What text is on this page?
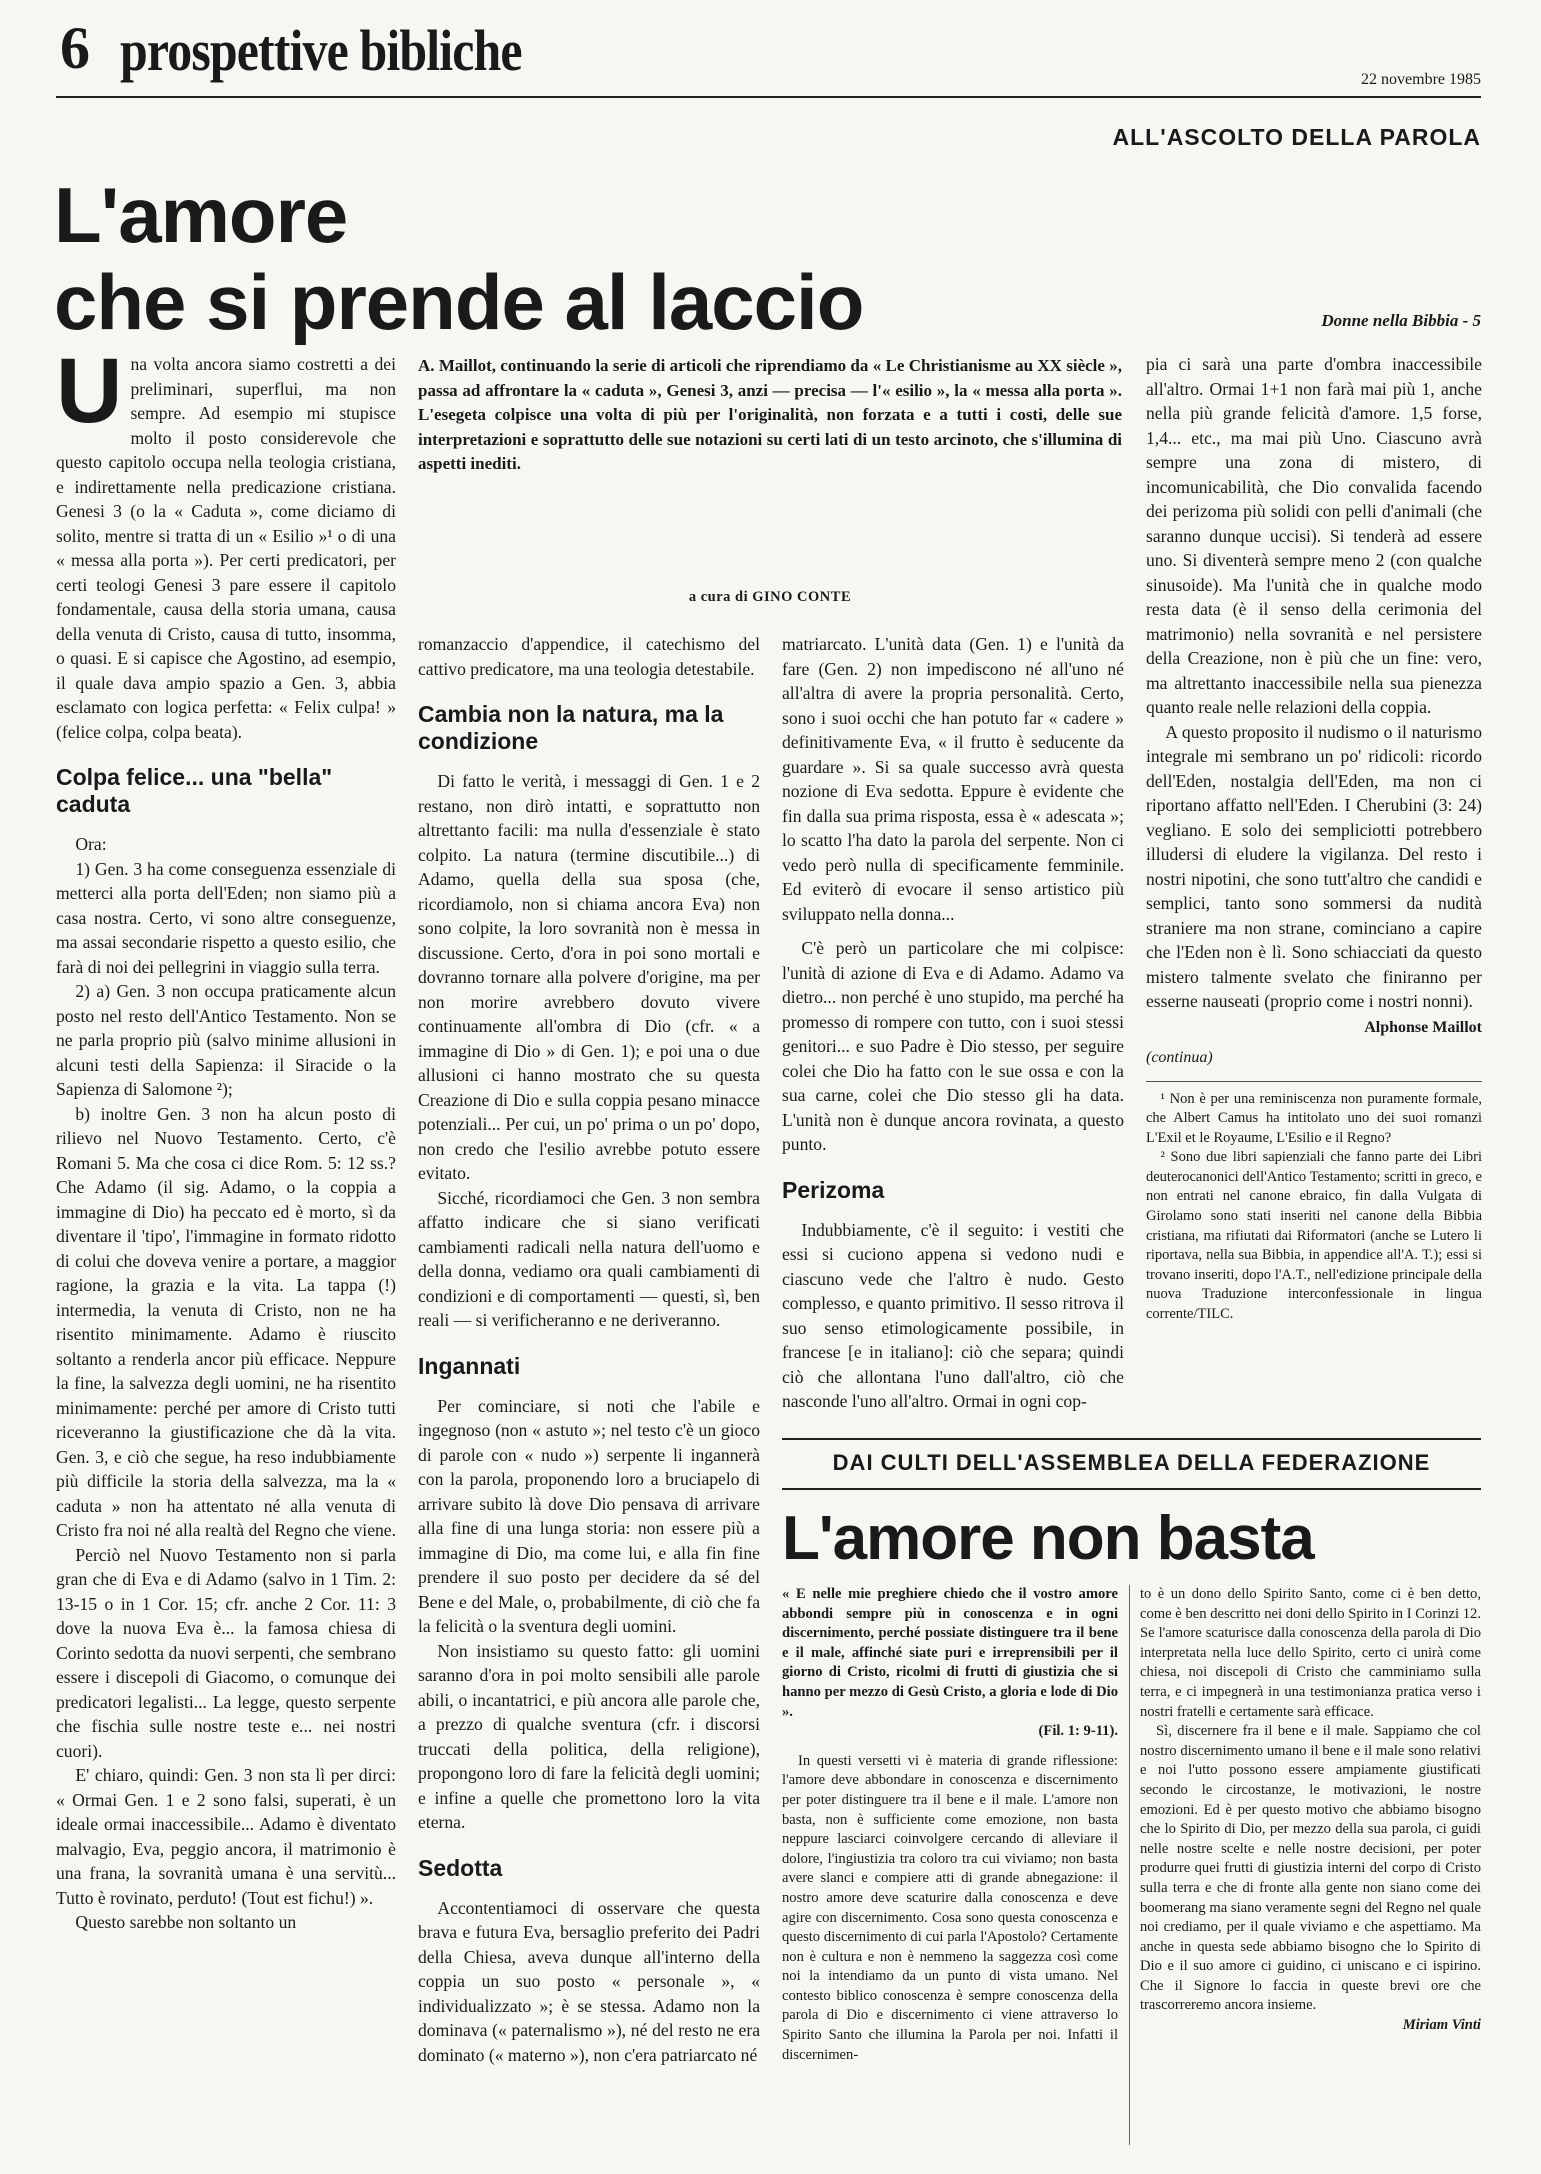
6 prospettive bibliche	22 novembre 1985
ALL'ASCOLTO DELLA PAROLA
L'amore
che si prende al laccio	Donne nella Bibbia - 5
A. Maillot, continuando la serie di articoli che riprendiamo da « Le Christianisme au XX siècle », passa ad affrontare la « caduta », Genesi 3, anzi — precisa — l'« esilio », la « messa alla porta ». L'esegeta colpisce una volta di più per l'originalità, non forzata e a tutti i costi, delle sue interpretazioni e soprattutto delle sue notazioni su certi lati di un testo arcinoto, che s'illumina di aspetti inediti.
a cura di GINO CONTE

Una volta ancora siamo costretti a dei preliminari, superflui, ma non sempre. Ad esempio mi stupisce molto il posto considerevole che questo capitolo occupa nella teologia cristiana, e indirettamente nella predicazione cristiana. Genesi 3 (o la « Caduta », come diciamo di solito, mentre si tratta di un « Esilio »¹ o di una « messa alla porta »). Per certi predicatori, per certi teologi Genesi 3 pare essere il capitolo fondamentale, causa della storia umana, causa della venuta di Cristo, causa di tutto, insomma, o quasi. E si capisce che Agostino, ad esempio, il quale dava ampio spazio a Gen. 3, abbia esclamato con logica perfetta: « Felix culpa! » (felice colpa, colpa beata).

Colpa felice... una "bella" caduta

Ora:

1) Gen. 3 ha come conseguenza essenziale di metterci alla porta dell'Eden; non siamo più a casa nostra. Certo, vi sono altre conseguenze, ma assai secondarie rispetto a questo esilio, che farà di noi dei pellegrini in viaggio sulla terra.

2) a) Gen. 3 non occupa praticamente alcun posto nel resto dell'Antico Testamento. Non se ne parla proprio più (salvo minime allusioni in alcuni testi della Sapienza: il Siracide o la Sapienza di Salomone ²);

b) inoltre Gen. 3 non ha alcun posto di rilievo nel Nuovo Testamento. Certo, c'è Romani 5. Ma che cosa ci dice Rom. 5: 12 ss.? Che Adamo (il sig. Adamo, o la coppia a immagine di Dio) ha peccato ed è morto, sì da diventare il 'tipo', l'immagine in formato ridotto di colui che doveva venire a portare, a maggior ragione, la grazia e la vita. La tappa (!) intermedia, la venuta di Cristo, non ne ha risentito minimamente. Adamo è riuscito soltanto a renderla ancor più efficace. Neppure la fine, la salvezza degli uomini, ne ha risentito minimamente: perché per amore di Cristo tutti riceveranno la giustificazione che dà la vita. Gen. 3, e ciò che segue, ha reso indubbiamente più difficile la storia della salvezza, ma la « caduta » non ha attentato né alla venuta di Cristo fra noi né alla realtà del Regno che viene.

Perciò nel Nuovo Testamento non si parla gran che di Eva e di Adamo (salvo in 1 Tim. 2: 13-15 o in 1 Cor. 15; cfr. anche 2 Cor. 11: 3 dove la nuova Eva è... la famosa chiesa di Corinto sedotta da nuovi serpenti, che sembrano essere i discepoli di Giacomo, o comunque dei predicatori legalisti... La legge, questo serpente che fischia sulle nostre teste e... nei nostri cuori).

E' chiaro, quindi: Gen. 3 non sta lì per dirci: « Ormai Gen. 1 e 2 sono falsi, superati, è un ideale ormai inaccessibile... Adamo è diventato malvagio, Eva, peggio ancora, il matrimonio è una frana, la sovranità umana è una servitù... Tutto è rovinato, perduto! (Tout est fichu!) ».

Questo sarebbe non soltanto un

romanzaccio d'appendice, il catechismo del cattivo predicatore, ma una teologia detestabile.

Cambia non la natura, ma la condizione

Di fatto le verità, i messaggi di Gen. 1 e 2 restano, non dirò intatti, e soprattutto non altrettanto facili: ma nulla d'essenziale è stato colpito. La natura (termine discutibile...) di Adamo, quella della sua sposa (che, ricordiamolo, non si chiama ancora Eva) non sono colpite, la loro sovranità non è messa in discussione. Certo, d'ora in poi sono mortali e dovranno tornare alla polvere d'origine, ma per non morire avrebbero dovuto vivere continuamente all'ombra di Dio (cfr. « a immagine di Dio » di Gen. 1); e poi una o due allusioni ci hanno mostrato che su questa Creazione di Dio e sulla coppia pesano minacce potenziali... Per cui, un po' prima o un po' dopo, non credo che l'esilio avrebbe potuto essere evitato.

Sicché, ricordiamoci che Gen. 3 non sembra affatto indicare che si siano verificati cambiamenti radicali nella natura dell'uomo e della donna, vediamo ora quali cambiamenti di condizioni e di comportamenti — questi, sì, ben reali — si verificheranno e ne deriveranno.

Ingannati

Per cominciare, si noti che l'abile e ingegnoso (non « astuto »; nel testo c'è un gioco di parole con « nudo ») serpente li ingannerà con la parola, proponendo loro a bruciapelo di arrivare subito là dove Dio pensava di arrivare alla fine di una lunga storia: non essere più a immagine di Dio, ma come lui, e alla fin fine prendere il suo posto per decidere da sé del Bene e del Male, o, probabilmente, di ciò che fa la felicità o la sventura degli uomini.

Non insistiamo su questo fatto: gli uomini saranno d'ora in poi molto sensibili alle parole abili, o incantatrici, e più ancora alle parole che, a prezzo di qualche sventura (cfr. i discorsi truccati della politica, della religione), propongono loro di fare la felicità degli uomini; e infine a quelle che promettono loro la vita eterna.

Sedotta

Accontentiamoci di osservare che questa brava e futura Eva, bersaglio preferito dei Padri della Chiesa, aveva dunque all'interno della coppia un suo posto « personale », « individualizzato »; è se stessa. Adamo non la dominava (« paternalismo »), né del resto ne era dominato (« materno »), non c'era patriarcato né

matriarcato. L'unità data (Gen. 1) e l'unità da fare (Gen. 2) non impediscono né all'uno né all'altra di avere la propria personalità. Certo, sono i suoi occhi che han potuto far « cadere » definitivamente Eva, « il frutto è seducente da guardare ». Si sa quale successo avrà questa nozione di Eva sedotta. Eppure è evidente che fin dalla sua prima risposta, essa è « adescata »; lo scatto l'ha dato la parola del serpente. Non ci vedo però nulla di specificamente femminile. Ed eviterò di evocare il senso artistico più sviluppato nella donna...

C'è però un particolare che mi colpisce: l'unità di azione di Eva e di Adamo. Adamo va dietro... non perché è uno stupido, ma perché ha promesso di rompere con tutto, con i suoi stessi genitori... e suo Padre è Dio stesso, per seguire colei che Dio ha fatto con le sue ossa e con la sua carne, colei che Dio stesso gli ha data. L'unità non è dunque ancora rovinata, a questo punto.

Perizoma

Indubbiamente, c'è il seguito: i vestiti che essi si cuciono appena si vedono nudi e ciascuno vede che l'altro è nudo. Gesto complesso, e quanto primitivo. Il sesso ritrova il suo senso etimologicamente possibile, in francese [e in italiano]: ciò che separa; quindi ciò che allontana l'uno dall'altro, ciò che nasconde l'uno all'altro. Ormai in ogni cop-

pia ci sarà una parte d'ombra inaccessibile all'altro. Ormai 1+1 non farà mai più 1, anche nella più grande felicità d'amore. 1,5 forse, 1,4... etc., ma mai più Uno. Ciascuno avrà sempre una zona di mistero, di incomunicabilità, che Dio convalida facendo dei perizoma più solidi con pelli d'animali (che saranno dunque uccisi). Si tenderà ad essere uno. Si diventerà sempre meno 2 (con qualche sinusoide). Ma l'unità che in qualche modo resta data (è il senso della cerimonia del matrimonio) nella sovranità e nel persistere della Creazione, non è più che un fine: vero, ma altrettanto inaccessibile nella sua pienezza quanto reale nelle relazioni della coppia.

A questo proposito il nudismo o il naturismo integrale mi sembrano un po' ridicoli: ricordo dell'Eden, nostalgia dell'Eden, ma non ci riportano affatto nell'Eden. I Cherubini (3: 24) vegliano. E solo dei sempliciotti potrebbero illudersi di eludere la vigilanza. Del resto i nostri nipotini, che sono tutt'altro che candidi e semplici, tanto sono sommersi da nudità straniere ma non strane, cominciano a capire che l'Eden non è lì. Sono schiacciati da questo mistero talmente svelato che finiranno per esserne nauseati (proprio come i nostri nonni).

Alphonse Maillot
(continua)

¹ Non è per una reminiscenza non puramente formale, che Albert Camus ha intitolato uno dei suoi romanzi L'Exil et le Royaume, L'Esilio e il Regno?

² Sono due libri sapienziali che fanno parte dei Libri deuterocanonici dell'Antico Testamento; scritti in greco, e non entrati nel canone ebraico, fin dalla Vulgata di Girolamo sono stati inseriti nel canone della Bibbia cristiana, ma rifiutati dai Riformatori (anche se Lutero li riportava, nella sua Bibbia, in appendice all'A. T.); essi si trovano inseriti, dopo l'A.T., nell'edizione principale della nuova Traduzione interconfessionale in lingua corrente/TILC.

DAI CULTI DELL'ASSEMBLEA DELLA FEDERAZIONE
L'amore non basta

« E nelle mie preghiere chiedo che il vostro amore abbondi sempre più in conoscenza e in ogni discernimento, perché possiate distinguere tra il bene e il male, affinché siate puri e irreprensibili per il giorno di Cristo, ricolmi di frutti di giustizia che si hanno per mezzo di Gesù Cristo, a gloria e lode di Dio ».

(Fil. 1: 9-11).

In questi versetti vi è materia di grande riflessione: l'amore deve abbondare in conoscenza e discernimento per poter distinguere tra il bene e il male. L'amore non basta, non è sufficiente come emozione, non basta neppure lasciarci coinvolgere cercando di alleviare il dolore, l'ingiustizia tra coloro tra cui viviamo; non basta avere slanci e compiere atti di grande abnegazione: il nostro amore deve scaturire dalla conoscenza e deve agire con discernimento. Cosa sono questa conoscenza e questo discernimento di cui parla l'Apostolo? Certamente non è cultura e non è nemmeno la saggezza così come noi la intendiamo da un punto di vista umano. Nel contesto biblico conoscenza è sempre conoscenza della parola di Dio e discernimento ci viene attraverso lo Spirito Santo che illumina la Parola per noi. Infatti il discernimen-

to è un dono dello Spirito Santo, come ci è ben detto, come è ben descritto nei doni dello Spirito in I Corinzi 12. Se l'amore scaturisce dalla conoscenza della parola di Dio interpretata nella luce dello Spirito, certo ci unirà come chiesa, noi discepoli di Cristo che camminiamo sulla terra, e ci impegnerà in una testimonianza pratica verso i nostri fratelli e certamente sarà efficace.

Sì, discernere fra il bene e il male. Sappiamo che col nostro discernimento umano il bene e il male sono relativi e noi l'utto possono essere ampiamente giustificati secondo le circostanze, le motivazioni, le nostre emozioni. Ed è per questo motivo che abbiamo bisogno che lo Spirito di Dio, per mezzo della sua parola, ci guidi nelle nostre scelte e nelle nostre decisioni, per poter produrre quei frutti di giustizia interni del corpo di Cristo sulla terra e che di fronte alla gente non siano come dei boomerang ma siano veramente segni del Regno nel quale noi crediamo, per il quale viviamo e che aspettiamo. Ma anche in questa sede abbiamo bisogno che lo Spirito di Dio e il suo amore ci guidino, ci uniscano e ci ispirino. Che il Signore lo faccia in queste brevi ore che trascorreremo ancora insieme.

Miriam Vinti
